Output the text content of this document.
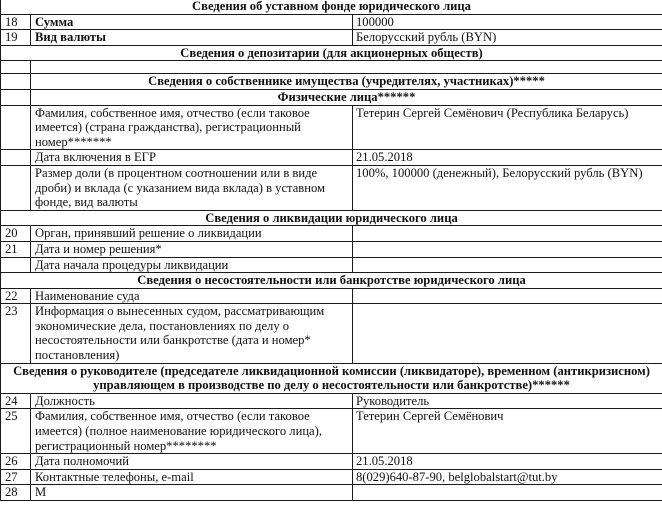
Сведения об уставном фонде юридического лица		
18	Сумма	100000
19	Вид валюты	Белорусский рубль (BYN)
Сведения о депозитарии (для акционерных обществ)		

	Сведения о собственнике имущества (учредителях, участниках)*****	
	Физические лица******	
	Фамилия, собственное имя, отчество (если таковое имеется) (страна гражданства), регистрационный номер*******	Тетерин Сергей Семёнович (Республика Беларусь)
	Дата включения в ЕГР	21.05.2018
	Размер доли (в процентном соотношении или в виде дроби) и вклада (с указанием вида вклада) в уставном фонде, вид валюты	100%, 100000 (денежный), Белорусский рубль (BYN)
Сведения о ликвидации юридического лица		
20	Орган, принявший решение о ликвидации	
21	Дата и номер решения*	
	Дата начала процедуры ликвидации	
Сведения о несостоятельности или банкротстве юридического лица		
22	Наименование суда	
23	Информация о вынесенных судом, рассматривающим экономические дела, постановлениях по делу о несостоятельности или банкротстве (дата и номер* постановления)	
Сведения о руководителе (председателе ликвидационной комиссии (ликвидаторе), временном (антикризисном) управляющем в производстве по делу о несостоятельности или банкротстве)******		
24	Должность	Руководитель
25	Фамилия, собственное имя, отчество (если таковое имеется) (полное наименование юридического лица), регистрационный номер********	Тетерин Сергей Семёнович
26	Дата полномочий	21.05.2018
27	Контактные телефоны, e-mail	8(029)640-87-90, belglobalstart@tut.by
28	М	
